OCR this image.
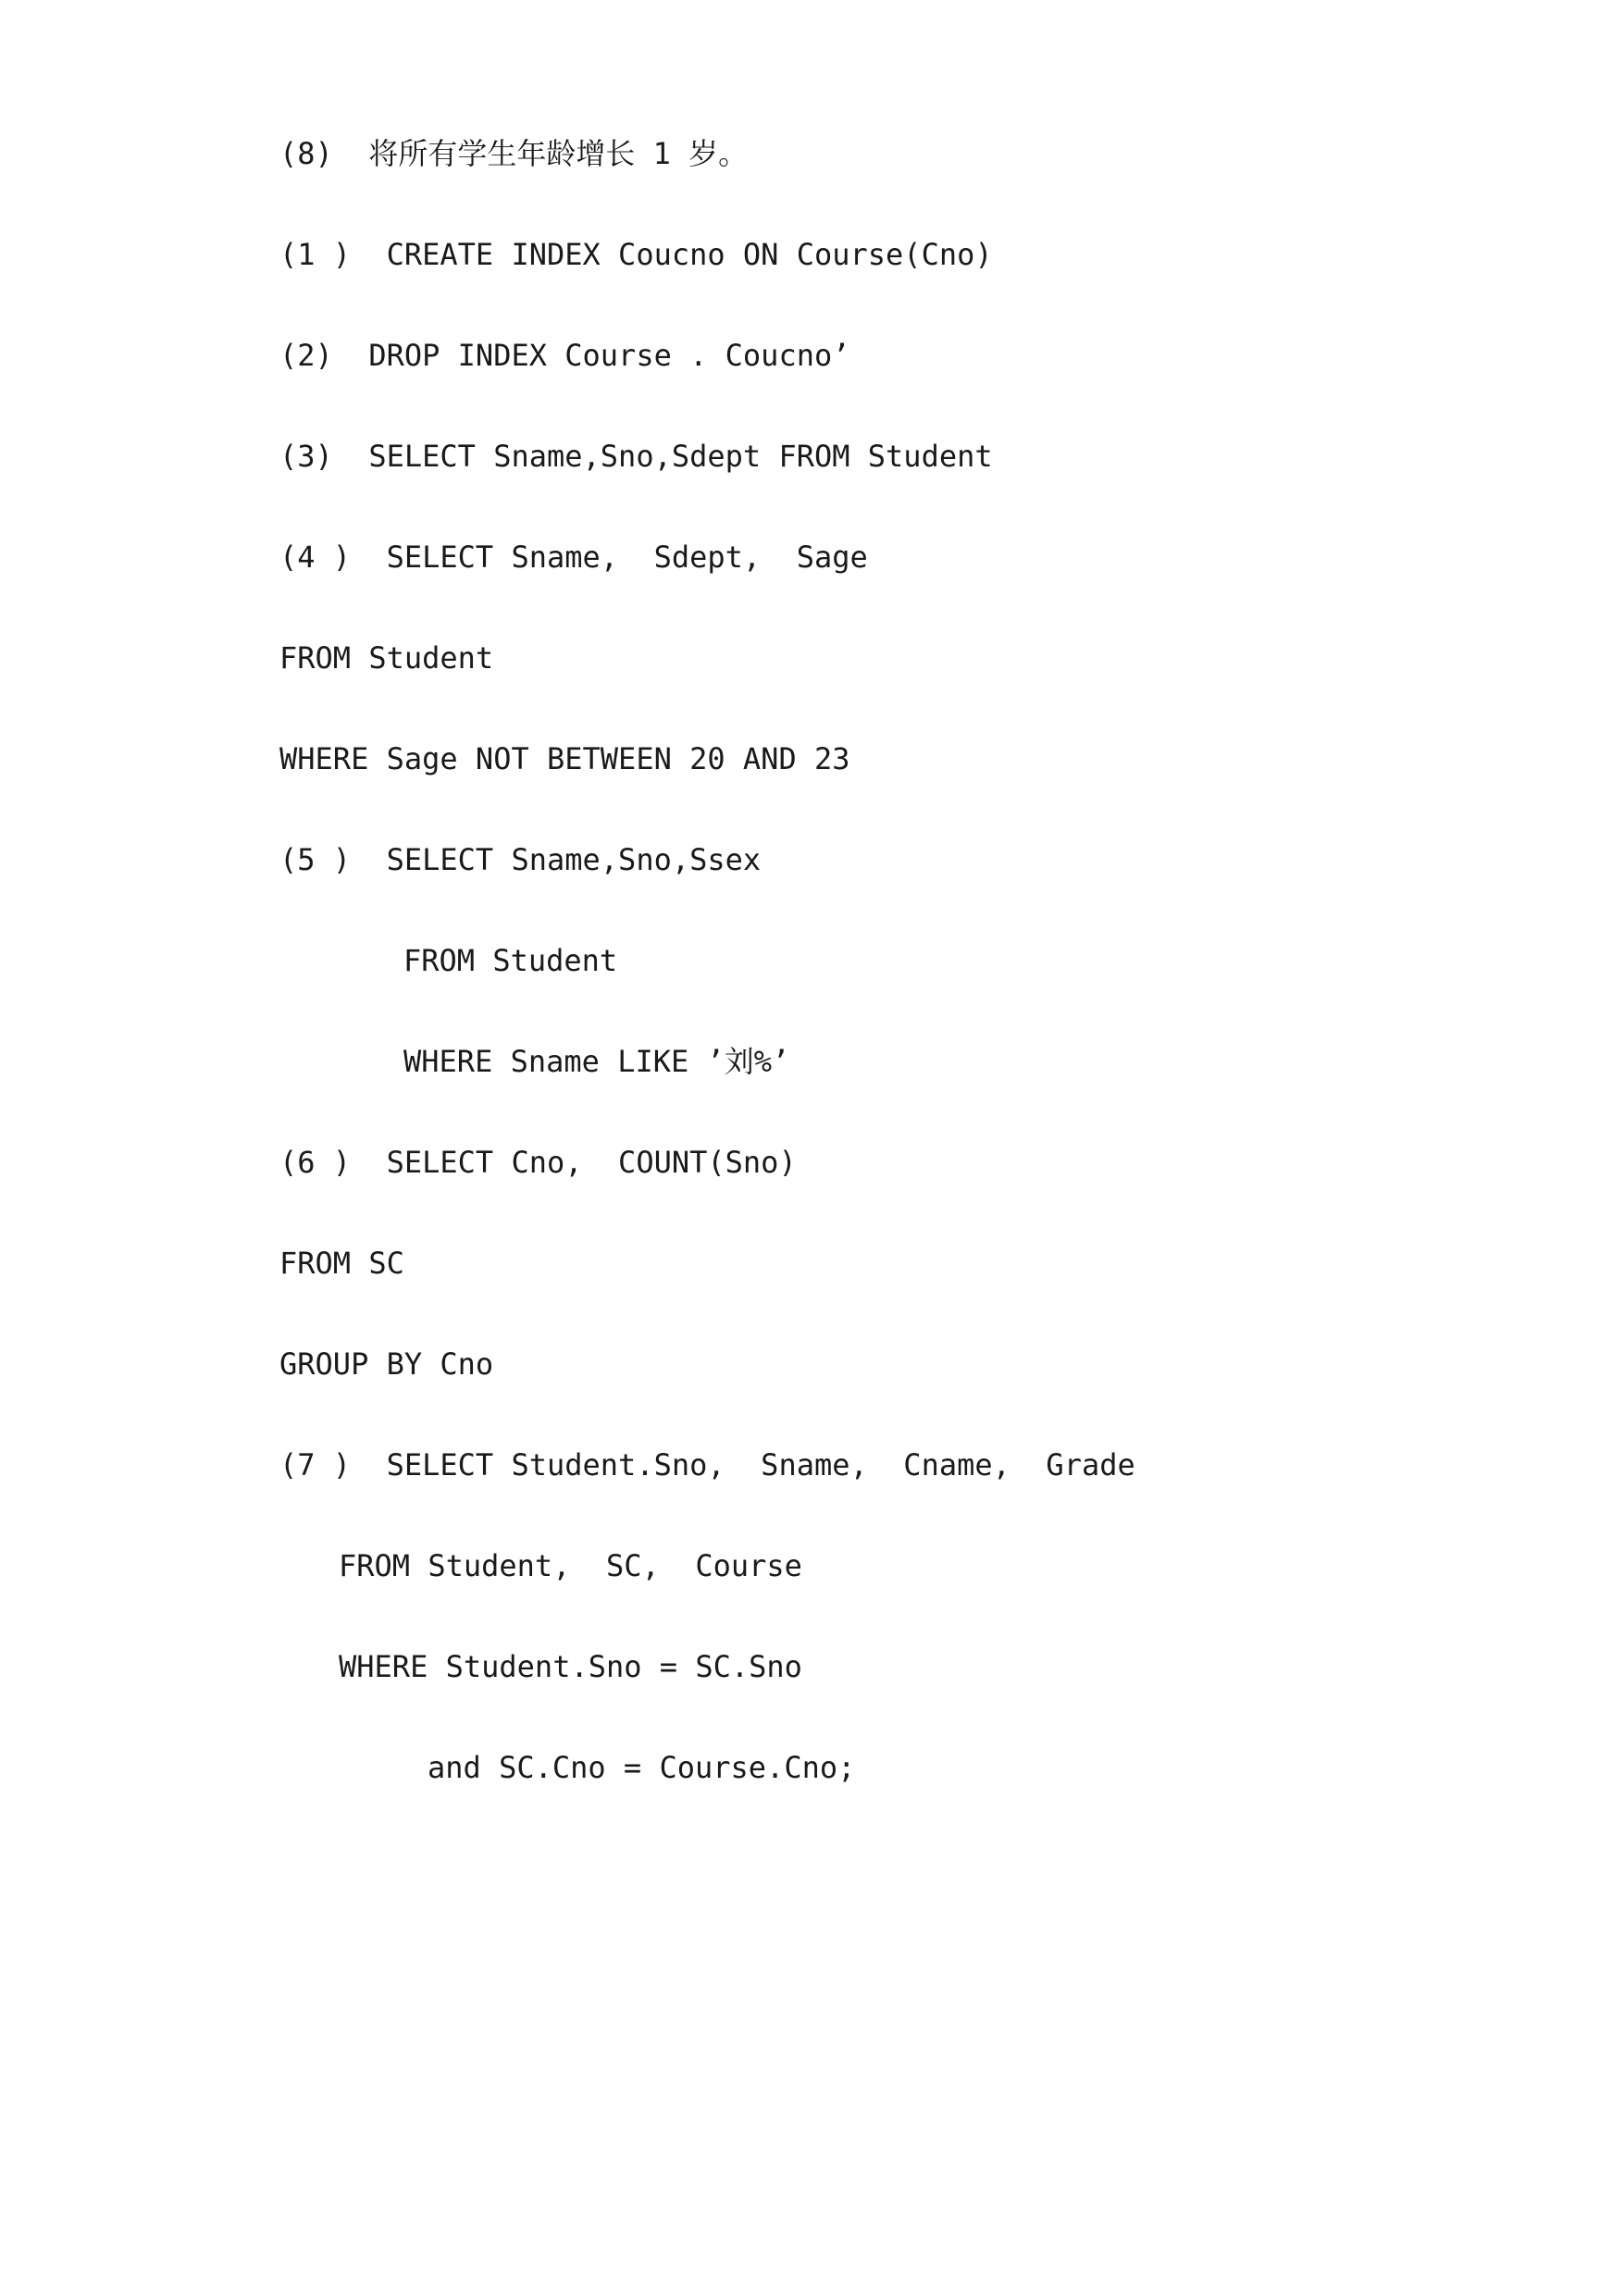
(8)  将所有学生年龄增长 1 岁。
(1 )  CREATE INDEX Coucno ON Course(Cno)
(2)  DROP INDEX Course . Coucno’
(3)  SELECT Sname,Sno,Sdept FROM Student
(4 )  SELECT Sname,  Sdept,  Sage
FROM Student
WHERE Sage NOT BETWEEN 20 AND 23
(5 )  SELECT Sname,Sno,Ssex
FROM Student
WHERE Sname LIKE ’刘%’
(6 )  SELECT Cno,  COUNT(Sno)
FROM SC
GROUP BY Cno
(7 )  SELECT Student.Sno,  Sname,  Cname,  Grade
FROM Student,  SC,  Course
WHERE Student.Sno = SC.Sno
and SC.Cno = Course.Cno;
